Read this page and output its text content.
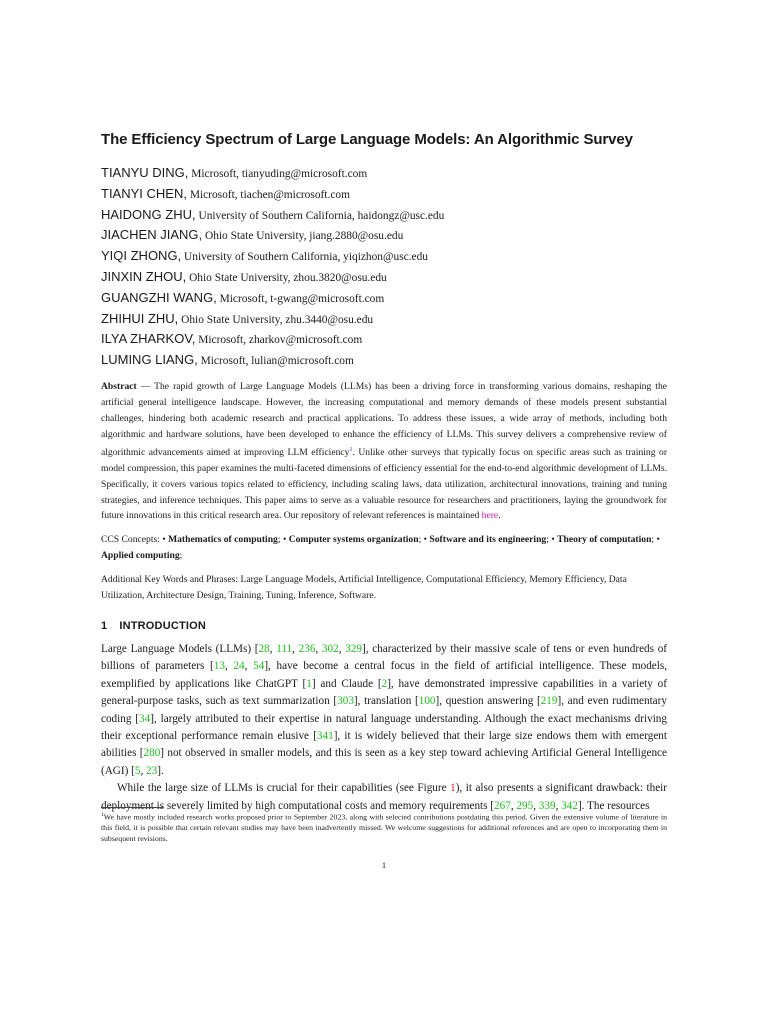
The Efficiency Spectrum of Large Language Models: An Algorithmic Survey
TIANYU DING, Microsoft, tianyuding@microsoft.com
TIANYI CHEN, Microsoft, tiachen@microsoft.com
HAIDONG ZHU, University of Southern California, haidongz@usc.edu
JIACHEN JIANG, Ohio State University, jiang.2880@osu.edu
YIQI ZHONG, University of Southern California, yiqizhon@usc.edu
JINXIN ZHOU, Ohio State University, zhou.3820@osu.edu
GUANGZHI WANG, Microsoft, t-gwang@microsoft.com
ZHIHUI ZHU, Ohio State University, zhu.3440@osu.edu
ILYA ZHARKOV, Microsoft, zharkov@microsoft.com
LUMING LIANG, Microsoft, lulian@microsoft.com
Abstract — The rapid growth of Large Language Models (LLMs) has been a driving force in transforming various domains, reshaping the artificial general intelligence landscape. However, the increasing computational and memory demands of these models present substantial challenges, hindering both academic research and practical applications. To address these issues, a wide array of methods, including both algorithmic and hardware solutions, have been developed to enhance the efficiency of LLMs. This survey delivers a comprehensive review of algorithmic advancements aimed at improving LLM efficiency$^1$. Unlike other surveys that typically focus on specific areas such as training or model compression, this paper examines the multi-faceted dimensions of efficiency essential for the end-to-end algorithmic development of LLMs. Specifically, it covers various topics related to efficiency, including scaling laws, data utilization, architectural innovations, training and tuning strategies, and inference techniques. This paper aims to serve as a valuable resource for researchers and practitioners, laying the groundwork for future innovations in this critical research area. Our repository of relevant references is maintained here.
CCS Concepts: • Mathematics of computing; • Computer systems organization; • Software and its engineering; • Theory of computation; • Applied computing;
Additional Key Words and Phrases: Large Language Models, Artificial Intelligence, Computational Efficiency, Memory Efficiency, Data Utilization, Architecture Design, Training, Tuning, Inference, Software.
1 INTRODUCTION

Large Language Models (LLMs) [28, 111, 236, 302, 329], characterized by their massive scale of tens or even hundreds of billions of parameters [13, 24, 54], have become a central focus in the field of artificial intelligence. These models, exemplified by applications like ChatGPT [1] and Claude [2], have demonstrated impressive capabilities in a variety of general-purpose tasks, such as text summarization [303], translation [100], question answering [219], and even rudimentary coding [34], largely attributed to their expertise in natural language understanding. Although the exact mechanisms driving their exceptional performance remain elusive [341], it is widely believed that their large size endows them with emergent abilities [280] not observed in smaller models, and this is seen as a key step toward achieving Artificial General Intelligence (AGI) [5, 23].

While the large size of LLMs is crucial for their capabilities (see Figure 1), it also presents a significant drawback: their deployment is severely limited by high computational costs and memory requirements [267, 295, 339, 342]. The resources

$^1$We have mostly included research works proposed prior to September 2023, along with selected contributions postdating this period. Given the extensive volume of literature in this field, it is possible that certain relevant studies may have been inadvertently missed. We welcome suggestions for additional references and are open to incorporating them in subsequent revisions.
1
